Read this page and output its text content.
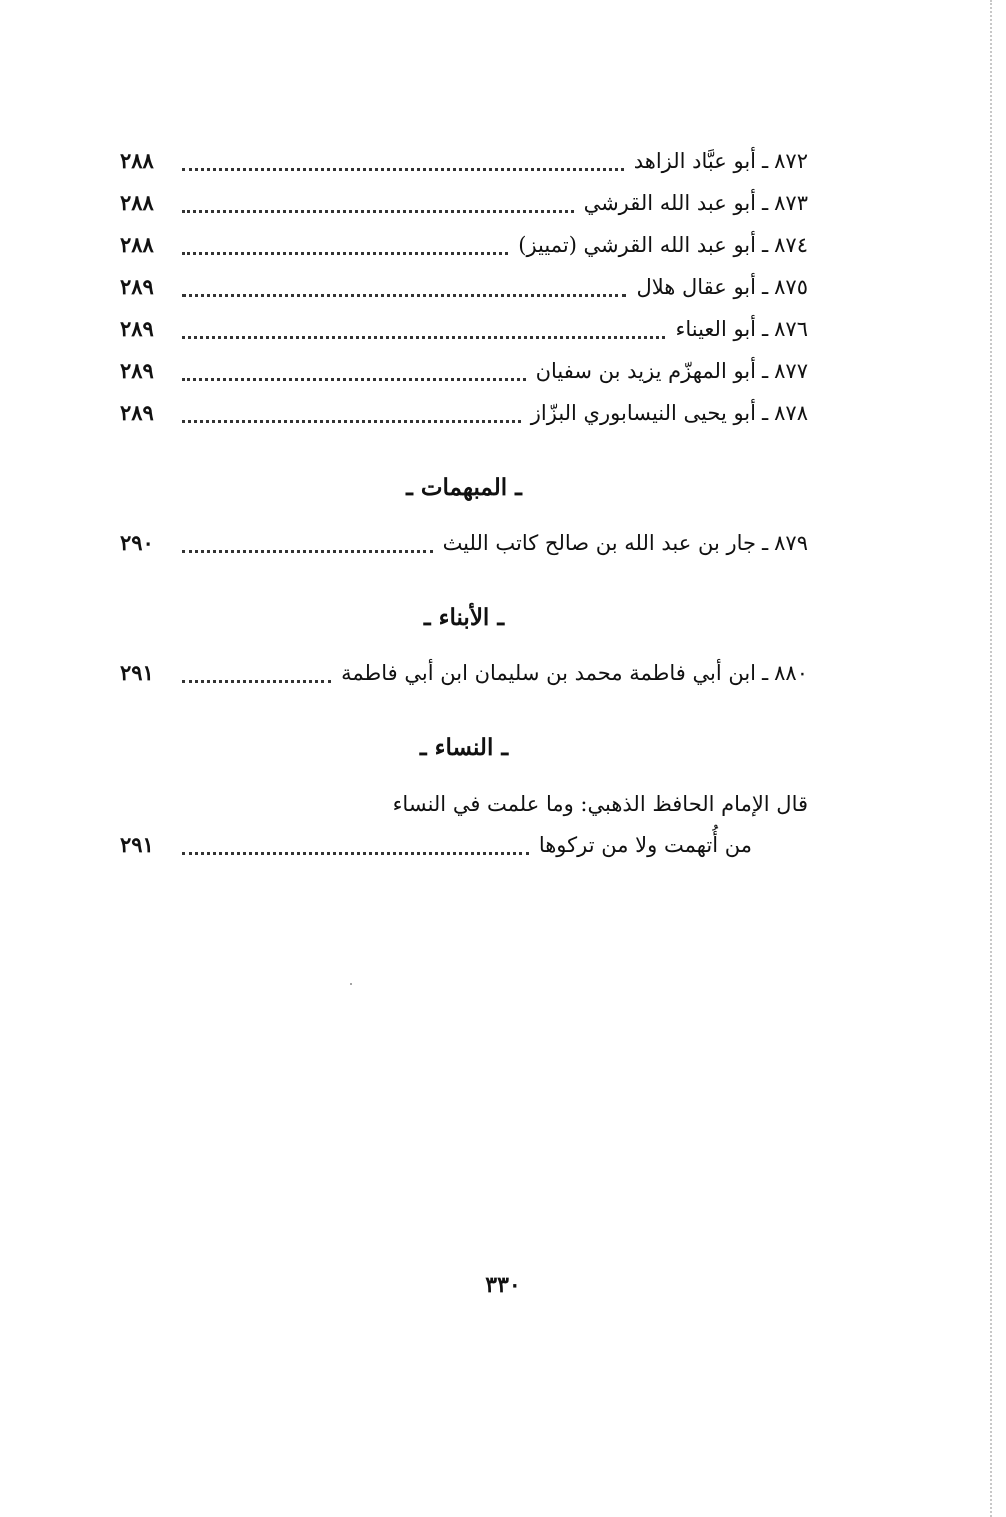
٨٧٢
ـ
أبو عبَّاد الزاهد
٢٨٨
٨٧٣
ـ
أبو عبد الله القرشي
٢٨٨
٨٧٤
ـ
أبو عبد الله القرشي (تمييز)
٢٨٨
٨٧٥
ـ
أبو عقال هلال
٢٨٩
٨٧٦
ـ
أبو العيناء
٢٨٩
٨٧٧
ـ
أبو المهزّم يزيد بن سفيان
٢٨٩
٨٧٨
ـ
أبو يحيى النيسابوري البزّاز
٢٨٩
ـ المبهمات ـ
٨٧٩
ـ
جار بن عبد الله بن صالح كاتب الليث
٢٩٠
ـ الأبناء ـ
٨٨٠
ـ
ابن أبي فاطمة محمد بن سليمان ابن أبي فاطمة
٢٩١
ـ النساء ـ
قال الإمام الحافظ الذهبي: وما علمت في النساء
من أُتهمت ولا من تركوها
٢٩١
٣٣٠
